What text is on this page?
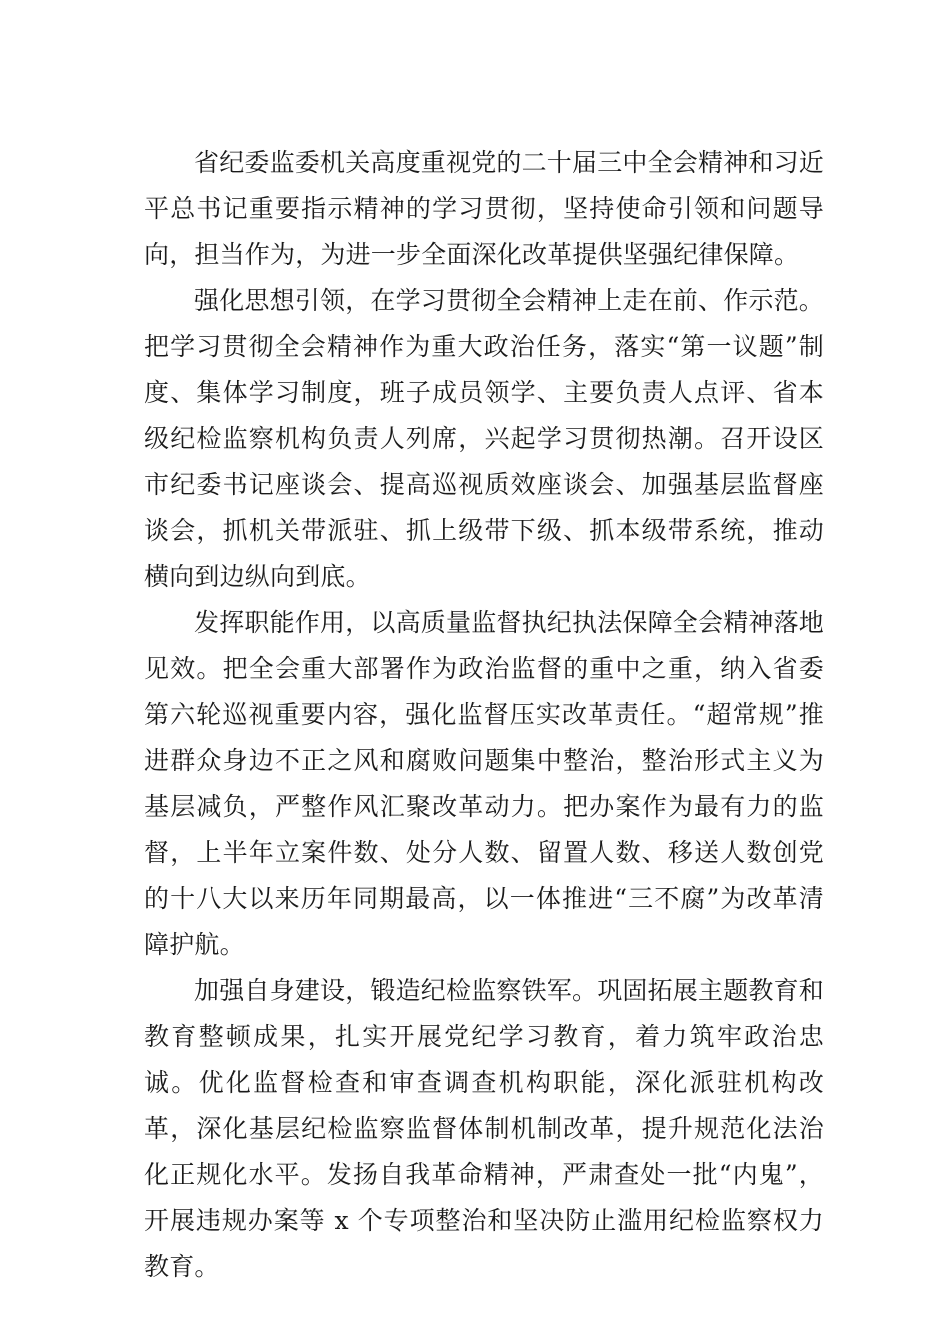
省纪委监委机关高度重视党的二十届三中全会精神和习近平总书记重要指示精神的学习贯彻，坚持使命引领和问题导向，担当作为，为进一步全面深化改革提供坚强纪律保障。

强化思想引领，在学习贯彻全会精神上走在前、作示范。把学习贯彻全会精神作为重大政治任务，落实“第一议题”制度、集体学习制度，班子成员领学、主要负责人点评、省本级纪检监察机构负责人列席，兴起学习贯彻热潮。召开设区市纪委书记座谈会、提高巡视质效座谈会、加强基层监督座谈会，抓机关带派驻、抓上级带下级、抓本级带系统，推动横向到边纵向到底。

发挥职能作用，以高质量监督执纪执法保障全会精神落地见效。把全会重大部署作为政治监督的重中之重，纳入省委第六轮巡视重要内容，强化监督压实改革责任。“超常规”推进群众身边不正之风和腐败问题集中整治，整治形式主义为基层减负，严整作风汇聚改革动力。把办案作为最有力的监督，上半年立案件数、处分人数、留置人数、移送人数创党的十八大以来历年同期最高，以一体推进“三不腐”为改革清障护航。

加强自身建设，锻造纪检监察铁军。巩固拓展主题教育和教育整顿成果，扎实开展党纪学习教育，着力筑牢政治忠诚。优化监督检查和审查调查机构职能，深化派驻机构改革，深化基层纪检监察监督体制机制改革，提升规范化法治化正规化水平。发扬自我革命精神，严肃查处一批“内鬼”，开展违规办案等 x 个专项整治和坚决防止滥用纪检监察权力教育。
